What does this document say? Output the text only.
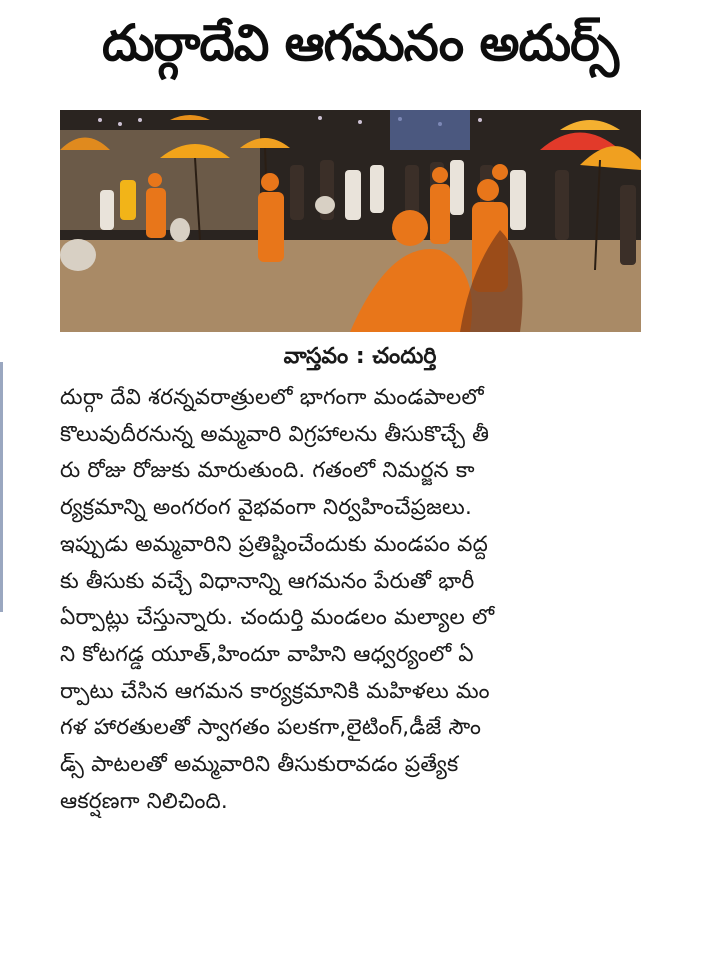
దుర్గాదేవి ఆగమనం అదుర్స్
వాస్తవం : చందుర్తి
దుర్గా దేవి శరన్నవరాత్రులలో భాగంగా మండపాలలో
కొలువుదీరనున్న అమ్మవారి విగ్రహాలను తీసుకొచ్చే తీ
రు రోజు రోజుకు మారుతుంది. గతంలో నిమర్జన కా
ర్యక్రమాన్ని అంగరంగ వైభవంగా నిర్వహించేప్రజలు.
ఇప్పుడు అమ్మవారిని ప్రతిష్టించేందుకు మండపం వద్ద
కు తీసుకు వచ్చే విధానాన్ని ఆగమనం పేరుతో భారీ
ఏర్పాట్లు చేస్తున్నారు. చందుర్తి మండలం మల్యాల లో
ని కోటగడ్డ యూత్,హిందూ వాహిని ఆధ్వర్యంలో ఏ
ర్పాటు చేసిన ఆగమన కార్యక్రమానికి మహిళలు మం
గళ హారతులతో స్వాగతం పలకగా,లైటింగ్,డీజే సౌం
డ్స్ పాటలతో అమ్మవారిని తీసుకురావడం ప్రత్యేక
ఆకర్షణగా నిలిచింది.
